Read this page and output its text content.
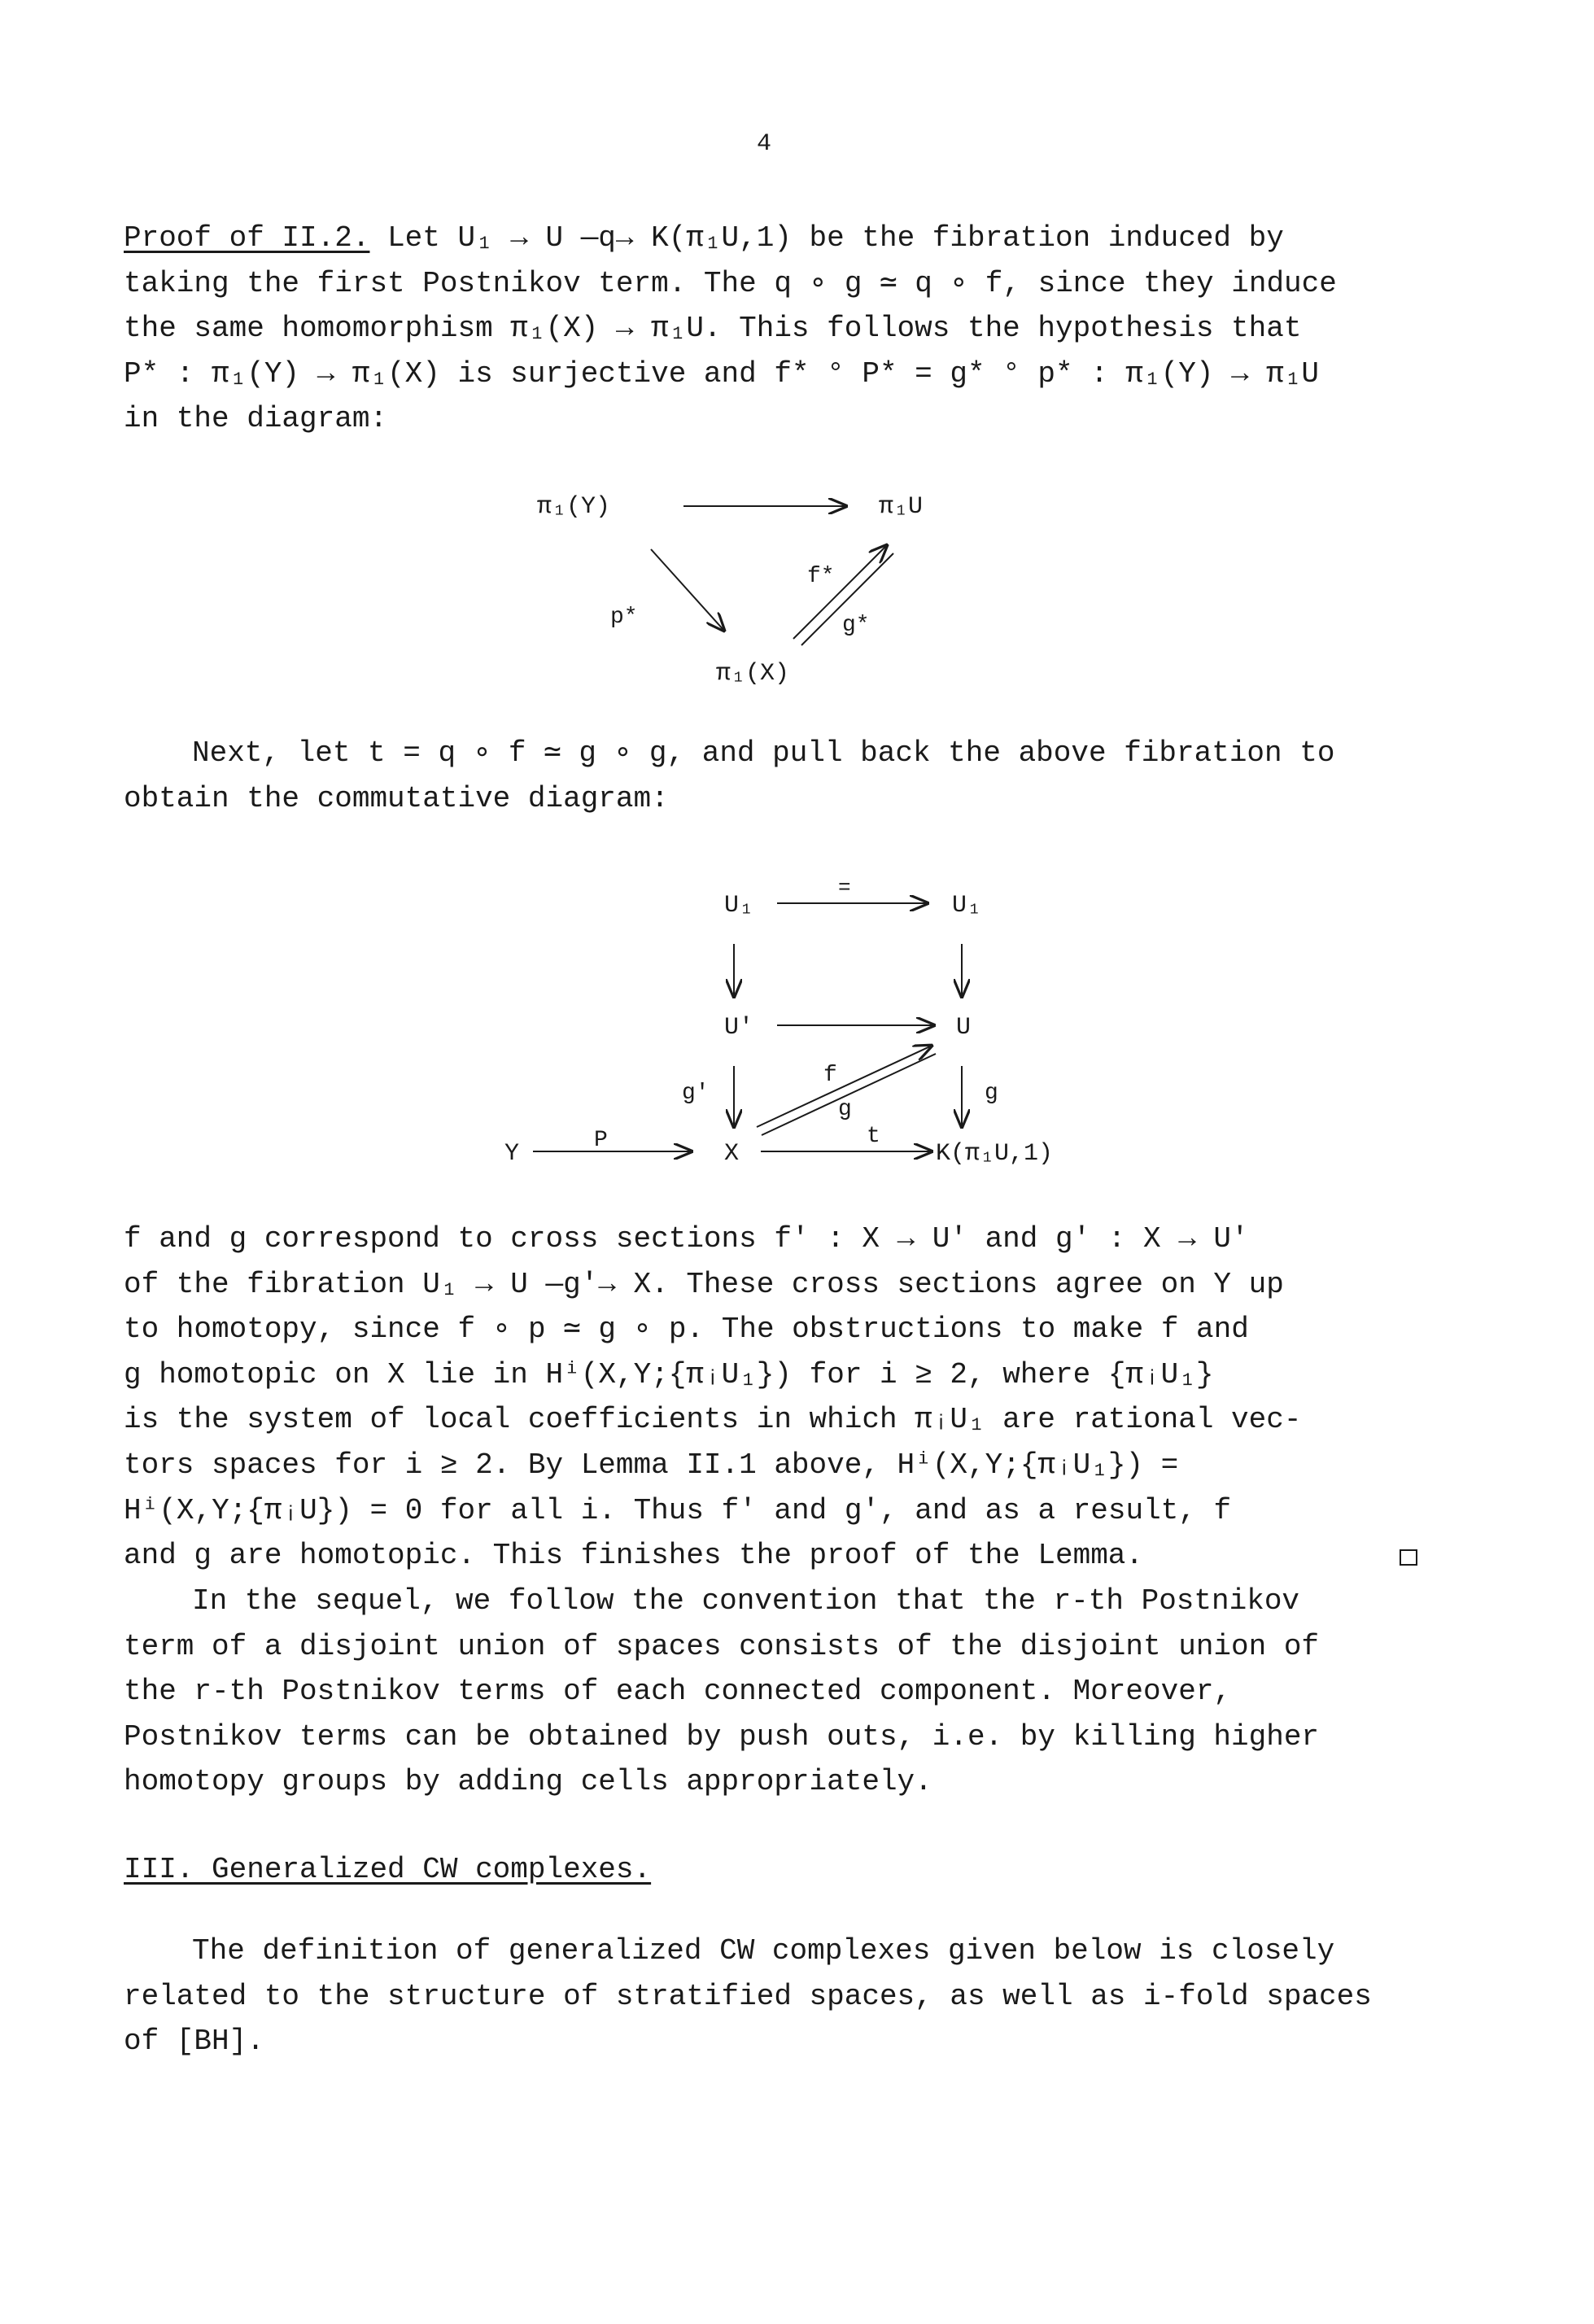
4

Proof of II.2. Let U₁ → U —q→ K(π₁U,1) be the fibration induced by
taking the first Postnikov term. The q ∘ g ≃ q ∘ f, since they induce
the same homomorphism π₁(X) → π₁U. This follows the hypothesis that
P* : π₁(Y) → π₁(X) is surjective and f* ° P* = g* ° p* : π₁(Y) → π₁U
in the diagram:

π₁(Y)	π₁U
p*
f*
g*
π₁(X)

Next, let t = q ∘ f ≃ g ∘ g, and pull back the above fibration to
obtain the commutative diagram:

U₁
=
U₁
U'	U
g'	g
f
g
Y	P	X
t
K(π₁U,1)

f and g correspond to cross sections f' : X → U' and g' : X → U'
of the fibration U₁ → U —g'→ X. These cross sections agree on Y up
to homotopy, since f ∘ p ≃ g ∘ p. The obstructions to make f and
g homotopic on X lie in Hⁱ(X,Y;{πᵢU₁}) for i ≥ 2, where {πᵢU₁}
is the system of local coefficients in which πᵢU₁ are rational vec-
tors spaces for i ≥ 2. By Lemma II.1 above, Hⁱ(X,Y;{πᵢU₁}) =
Hⁱ(X,Y;{πᵢU}) = 0 for all i. Thus f' and g', and as a result, f
and g are homotopic. This finishes the proof of the Lemma.

In the sequel, we follow the convention that the r-th Postnikov
term of a disjoint union of spaces consists of the disjoint union of
the r-th Postnikov terms of each connected component. Moreover,
Postnikov terms can be obtained by push outs, i.e. by killing higher
homotopy groups by adding cells appropriately.

III. Generalized CW complexes.

The definition of generalized CW complexes given below is closely
related to the structure of stratified spaces, as well as i-fold spaces
of [BH].
